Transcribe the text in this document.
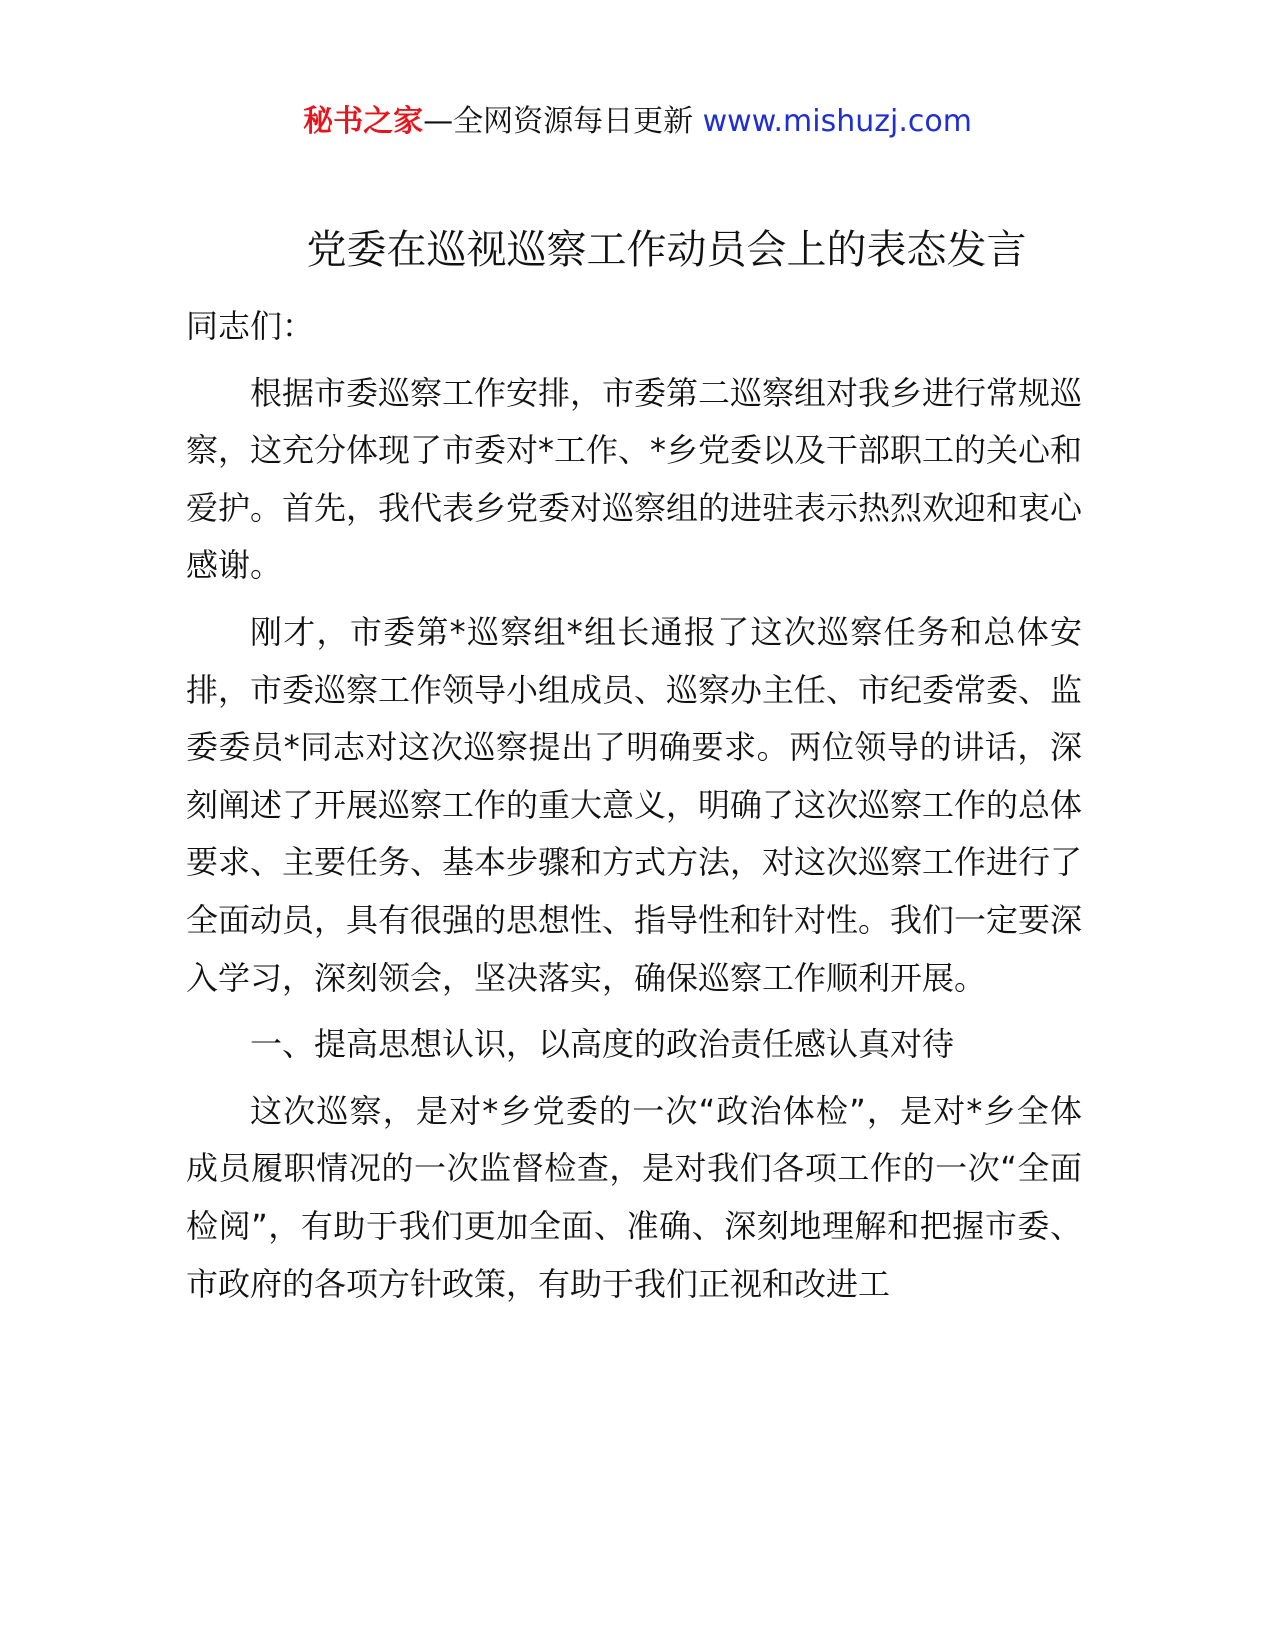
秘书之家—全网资源每日更新 www.mishuzj.com
党委在巡视巡察工作动员会上的表态发言

同志们：

根据市委巡察工作安排，市委第二巡察组对我乡进行常规巡察，这充分体现了市委对*工作、*乡党委以及干部职工的关心和爱护。首先，我代表乡党委对巡察组的进驻表示热烈欢迎和衷心感谢。

刚才，市委第*巡察组*组长通报了这次巡察任务和总体安排，市委巡察工作领导小组成员、巡察办主任、市纪委常委、监委委员*同志对这次巡察提出了明确要求。两位领导的讲话，深刻阐述了开展巡察工作的重大意义，明确了这次巡察工作的总体要求、主要任务、基本步骤和方式方法，对这次巡察工作进行了全面动员，具有很强的思想性、指导性和针对性。我们一定要深入学习，深刻领会，坚决落实，确保巡察工作顺利开展。

一、提高思想认识，以高度的政治责任感认真对待

这次巡察，是对*乡党委的一次“政治体检”，是对*乡全体成员履职情况的一次监督检查，是对我们各项工作的一次“全面检阅”，有助于我们更加全面、准确、深刻地理解和把握市委、市政府的各项方针政策，有助于我们正视和改进工
